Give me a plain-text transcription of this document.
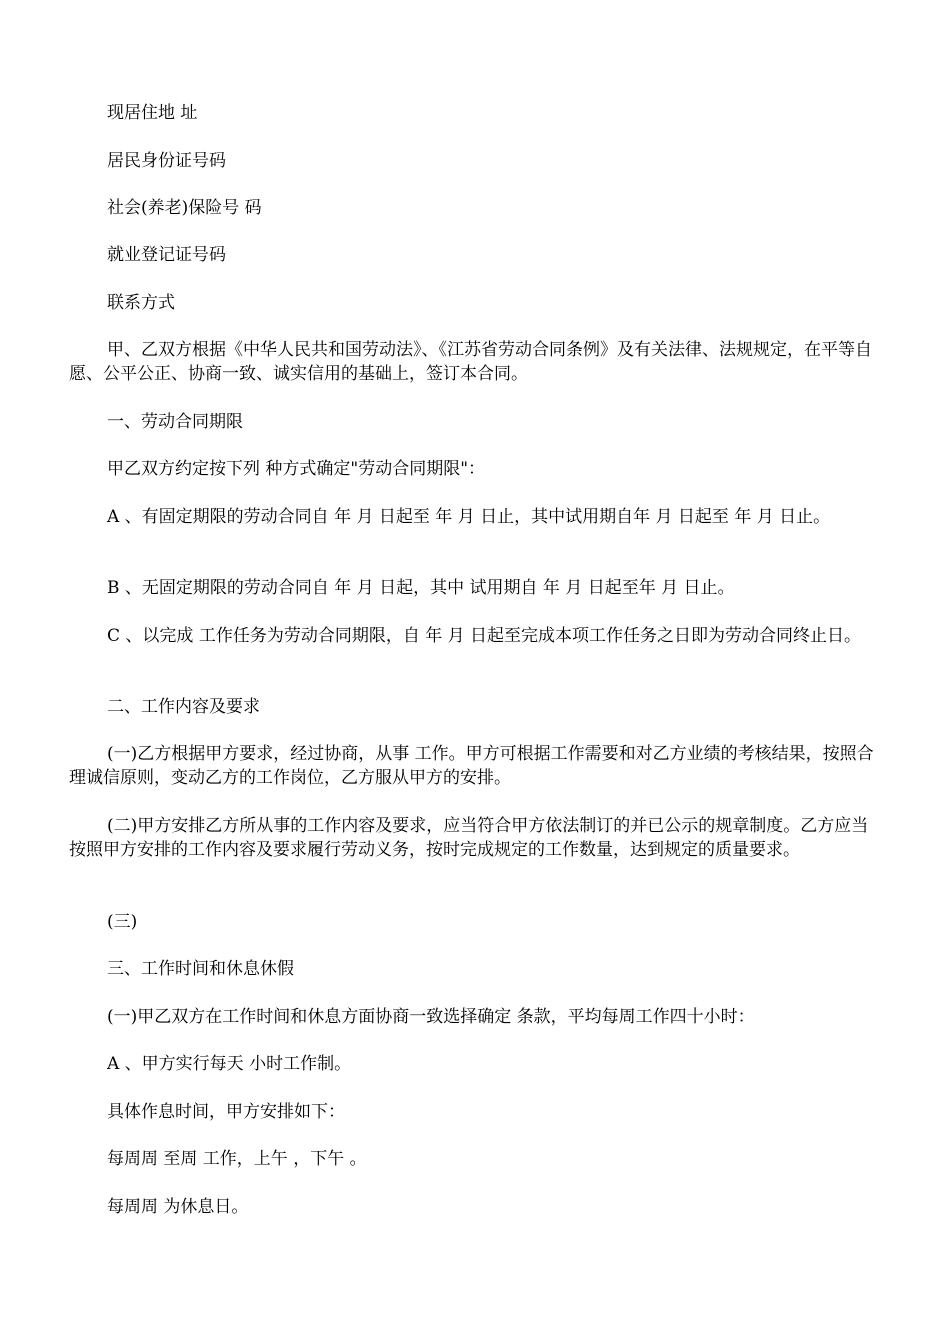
现居住地 址

居民身份证号码

社会(养老)保险号 码

就业登记证号码

联系方式

甲、乙双方根据《中华人民共和国劳动法》、《江苏省劳动合同条例》及有关法律、法规规定，在平等自愿、公平公正、协商一致、诚实信用的基础上，签订本合同。

一、劳动合同期限

甲乙双方约定按下列 种方式确定"劳动合同期限"：

A 、有固定期限的劳动合同自 年 月 日起至 年 月 日止，其中试用期自年 月 日起至 年 月 日止。

B 、无固定期限的劳动合同自 年 月 日起，其中 试用期自 年 月 日起至年 月 日止。

C 、以完成 工作任务为劳动合同期限，自 年 月 日起至完成本项工作任务之日即为劳动合同终止日。

二、工作内容及要求

(一)乙方根据甲方要求，经过协商，从事 工作。甲方可根据工作需要和对乙方业绩的考核结果，按照合理诚信原则，变动乙方的工作岗位，乙方服从甲方的安排。

(二)甲方安排乙方所从事的工作内容及要求，应当符合甲方依法制订的并已公示的规章制度。乙方应当按照甲方安排的工作内容及要求履行劳动义务，按时完成规定的工作数量，达到规定的质量要求。

(三)

三、工作时间和休息休假

(一)甲乙双方在工作时间和休息方面协商一致选择确定 条款，平均每周工作四十小时：

A 、甲方实行每天 小时工作制。

具体作息时间，甲方安排如下：

每周周 至周 工作，上午 ，下午 。

每周周 为休息日。
